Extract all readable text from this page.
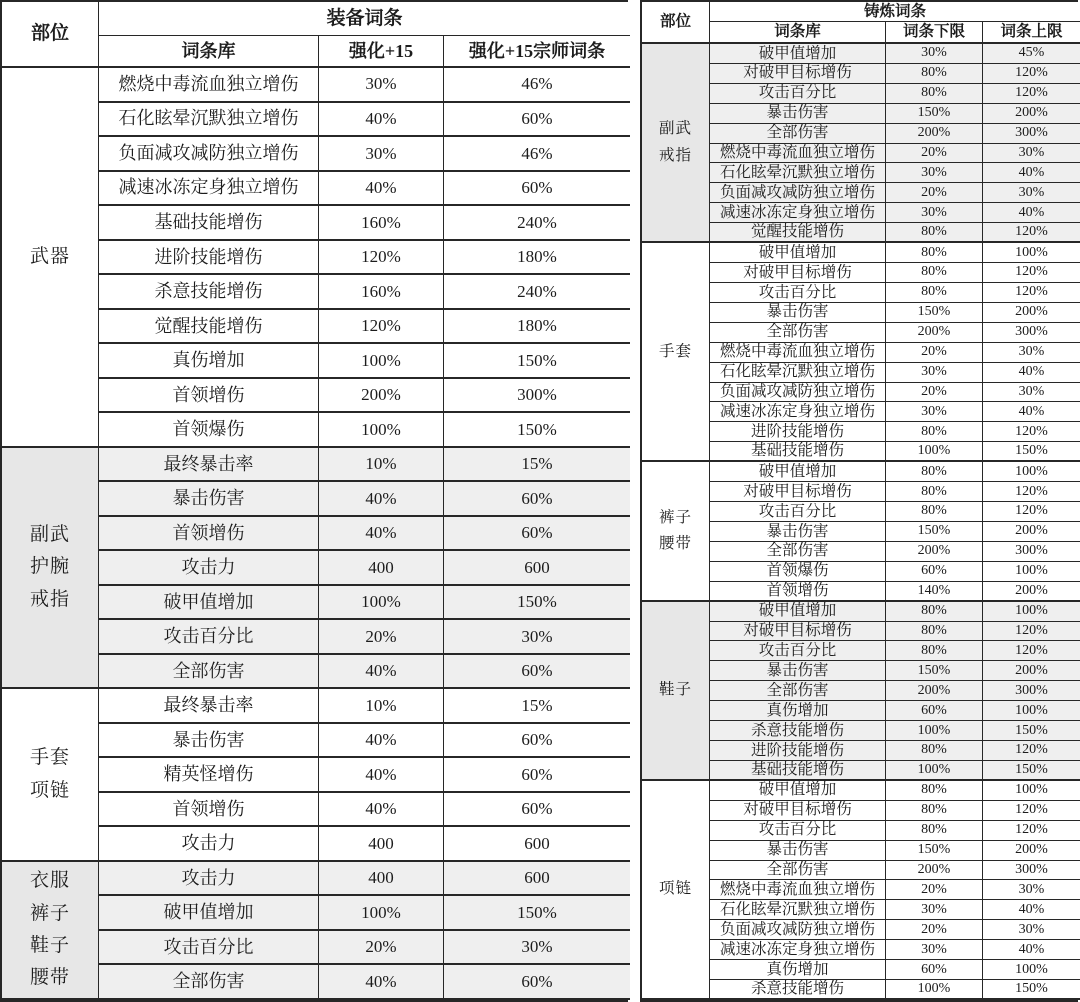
部位
装备词条
词条库	强化+15	强化+15宗师词条
武器
燃烧中毒流血独立增伤	30%	46%
石化眩晕沉默独立增伤	40%	60%
负面减攻减防独立增伤	30%	46%
减速冰冻定身独立增伤	40%	60%
基础技能增伤	160%	240%
进阶技能增伤	120%	180%
杀意技能增伤	160%	240%
觉醒技能增伤	120%	180%
真伤增加	100%	150%
首领增伤	200%	300%
首领爆伤	100%	150%
副武
护腕
戒指
最终暴击率	10%	15%
暴击伤害	40%	60%
首领增伤	40%	60%
攻击力	400	600
破甲值增加	100%	150%
攻击百分比	20%	30%
全部伤害	40%	60%
手套
项链
最终暴击率	10%	15%
暴击伤害	40%	60%
精英怪增伤	40%	60%
首领增伤	40%	60%
攻击力	400	600
衣服
裤子
鞋子
腰带
攻击力	400	600
破甲值增加	100%	150%
攻击百分比	20%	30%
全部伤害	40%	60%
部位
铸炼词条
词条库	词条下限	词条上限
副武
戒指
破甲值增加	30%	45%
对破甲目标增伤	80%	120%
攻击百分比	80%	120%
暴击伤害	150%	200%
全部伤害	200%	300%
燃烧中毒流血独立增伤	20%	30%
石化眩晕沉默独立增伤	30%	40%
负面减攻减防独立增伤	20%	30%
减速冰冻定身独立增伤	30%	40%
觉醒技能增伤	80%	120%
手套
破甲值增加	80%	100%
对破甲目标增伤	80%	120%
攻击百分比	80%	120%
暴击伤害	150%	200%
全部伤害	200%	300%
燃烧中毒流血独立增伤	20%	30%
石化眩晕沉默独立增伤	30%	40%
负面减攻减防独立增伤	20%	30%
减速冰冻定身独立增伤	30%	40%
进阶技能增伤	80%	120%
基础技能增伤	100%	150%
裤子
腰带
破甲值增加	80%	100%
对破甲目标增伤	80%	120%
攻击百分比	80%	120%
暴击伤害	150%	200%
全部伤害	200%	300%
首领爆伤	60%	100%
首领增伤	140%	200%
鞋子
破甲值增加	80%	100%
对破甲目标增伤	80%	120%
攻击百分比	80%	120%
暴击伤害	150%	200%
全部伤害	200%	300%
真伤增加	60%	100%
杀意技能增伤	100%	150%
进阶技能增伤	80%	120%
基础技能增伤	100%	150%
项链
破甲值增加	80%	100%
对破甲目标增伤	80%	120%
攻击百分比	80%	120%
暴击伤害	150%	200%
全部伤害	200%	300%
燃烧中毒流血独立增伤	20%	30%
石化眩晕沉默独立增伤	30%	40%
负面减攻减防独立增伤	20%	30%
减速冰冻定身独立增伤	30%	40%
真伤增加	60%	100%
杀意技能增伤	100%	150%
